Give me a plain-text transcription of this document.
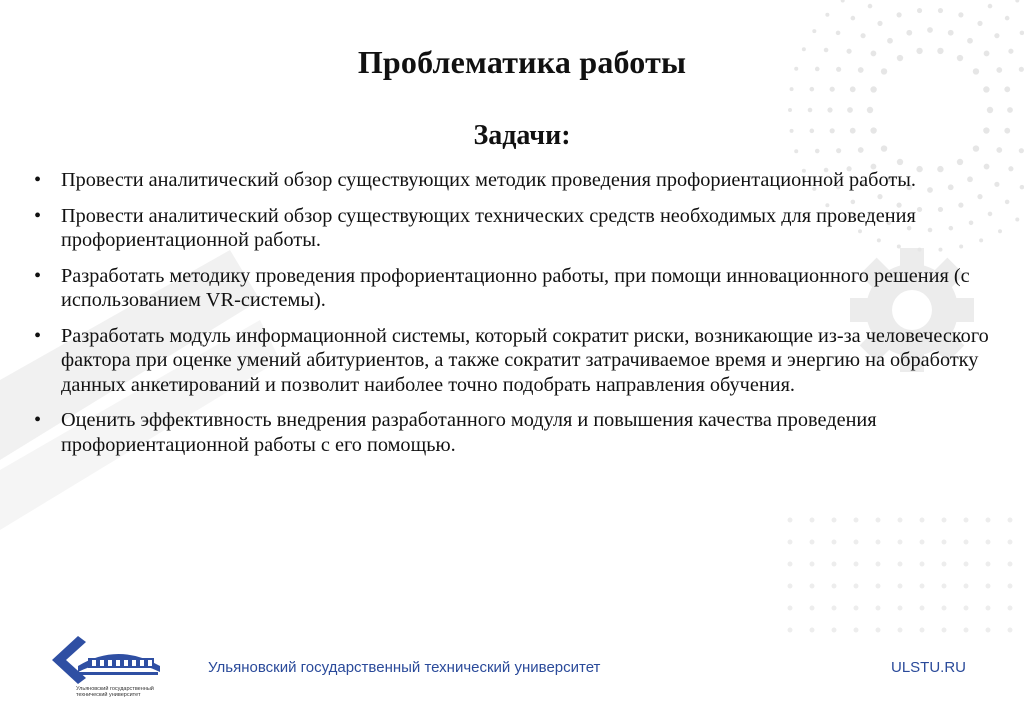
Проблематика работы
Задачи:
• Провести аналитический обзор существующих методик проведения профориентационной работы.
• Провести аналитический обзор существующих технических средств необходимых для проведения профориентационной работы.
• Разработать методику проведения профориентационно работы, при помощи инновационного решения (с использованием VR-системы).
• Разработать модуль информационной системы, который сократит риски, возникающие из-за человеческого фактора при оценке умений абитуриентов, а также сократит затрачиваемое время и энергию на обработку данных анкетирований и позволит наиболее точно подобрать направления обучения.
• Оценить эффективность внедрения разработанного модуля и повышения качества проведения профориентационной работы с его помощью.
Ульяновский государственный технический университет
Ульяновский государственный технический университет	ULSTU.RU
